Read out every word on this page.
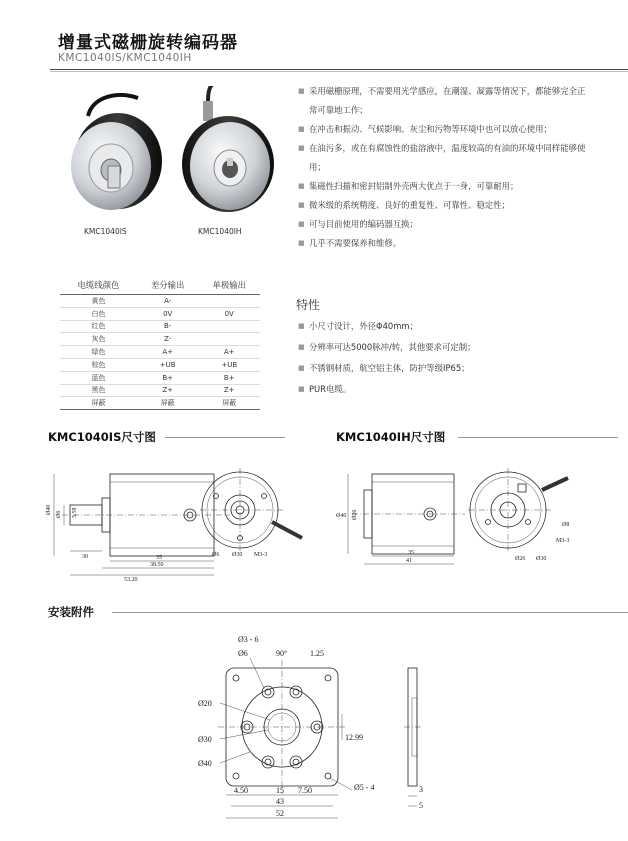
增量式磁栅旋转编码器
KMC1040IS/KMC1040IH
KMC1040IS	KMC1040IH
■ 采用磁栅原理，不需要用光学感应，在潮湿、凝露等情况下，都能够完全正常可靠地工作；
■ 在冲击和振动、气候影响、灰尘和污物等环境中也可以放心使用；
■ 在油污多，或在有腐蚀性的盐溶液中，温度较高的有油的环境中同样能够使用；
■ 集磁性扫描和密封铝制外壳两大优点于一身，可靠耐用；
■ 微米级的系统精度、良好的重复性、可靠性、稳定性；
■ 可与目前使用的编码器互换；
■ 几乎不需要保养和维修。
特性
■ 小尺寸设计，外径Φ40mm；
■ 分辨率可达5000脉冲/转，其他要求可定制；
■ 不锈钢材质，航空铝主体，防护等级IP65；
■ PUR电缆。
电缆线颜色	差分输出	单极输出
黄色	A-	
白色	0V	0V
红色	B-	
灰色	Z-	
绿色	A+	A+
棕色	+UB	+UB
蓝色	B+	B+
黑色	Z+	Z+
屏蔽	屏蔽	屏蔽
KMC1040IS尺寸图	KMC1040IH尺寸图
安装附件
Ø40 Ø6 5.58
30	35
38.50
53.20
Ø6 Ø30 M3-3
Ø40 Ø26
35
41
Ø8
M3-3
Ø26 Ø30
Ø3 - 6
Ø6	90°	1.25
Ø20
Ø30
Ø40
12.99
Ø5 - 4
4.50	15 7.50
43
52
3
5
